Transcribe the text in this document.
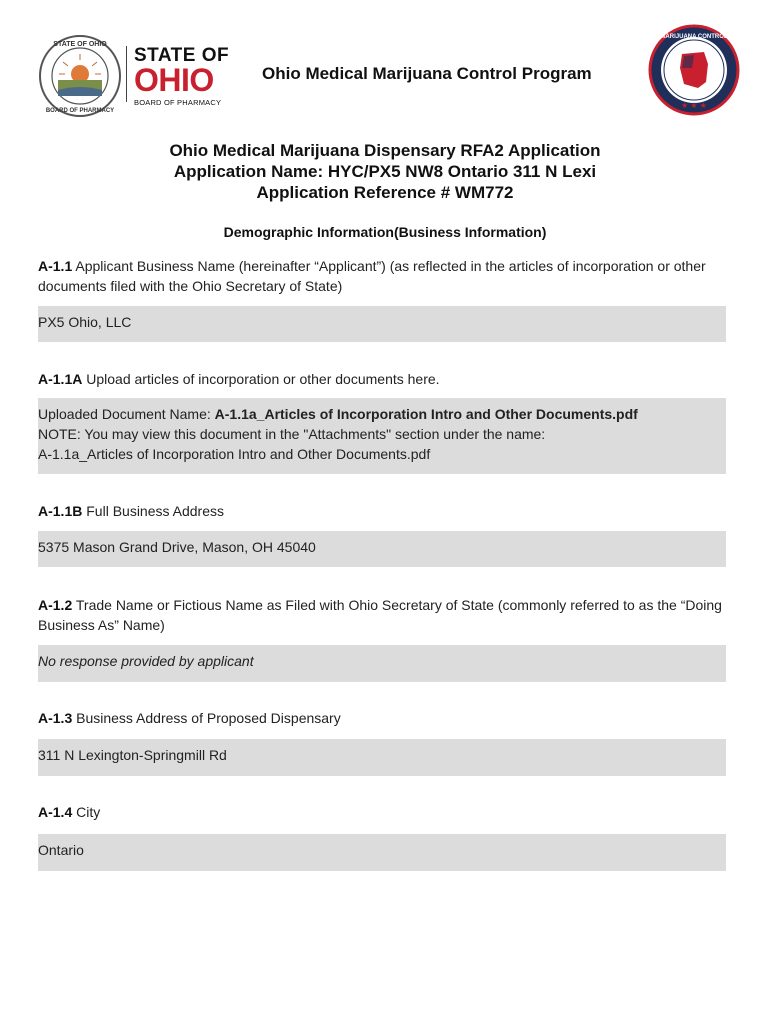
STATE OF OHIO
BOARD OF PHARMACY
STATE OF
OHIO
BOARD OF PHARMACY
Ohio Medical Marijuana Control Program
MARIJUANA CONTROL
★ ★ ★
Ohio Medical Marijuana Dispensary RFA2 Application
Application Name: HYC/PX5 NW8 Ontario 311 N Lexi
Application Reference # WM772
Demographic Information(Business Information)
A-1.1 Applicant Business Name (hereinafter “Applicant”) (as reflected in the articles of incorporation or other documents filed with the Ohio Secretary of State)
PX5 Ohio, LLC
A-1.1A Upload articles of incorporation or other documents here.
Uploaded Document Name: A-1.1a_Articles of Incorporation Intro and Other Documents.pdf
NOTE: You may view this document in the "Attachments" section under the name:
A-1.1a_Articles of Incorporation Intro and Other Documents.pdf
A-1.1B Full Business Address
5375 Mason Grand Drive, Mason, OH 45040
A-1.2 Trade Name or Fictious Name as Filed with Ohio Secretary of State (commonly referred to as the “Doing Business As” Name)
No response provided by applicant
A-1.3 Business Address of Proposed Dispensary
311 N Lexington-Springmill Rd
A-1.4 City
Ontario
